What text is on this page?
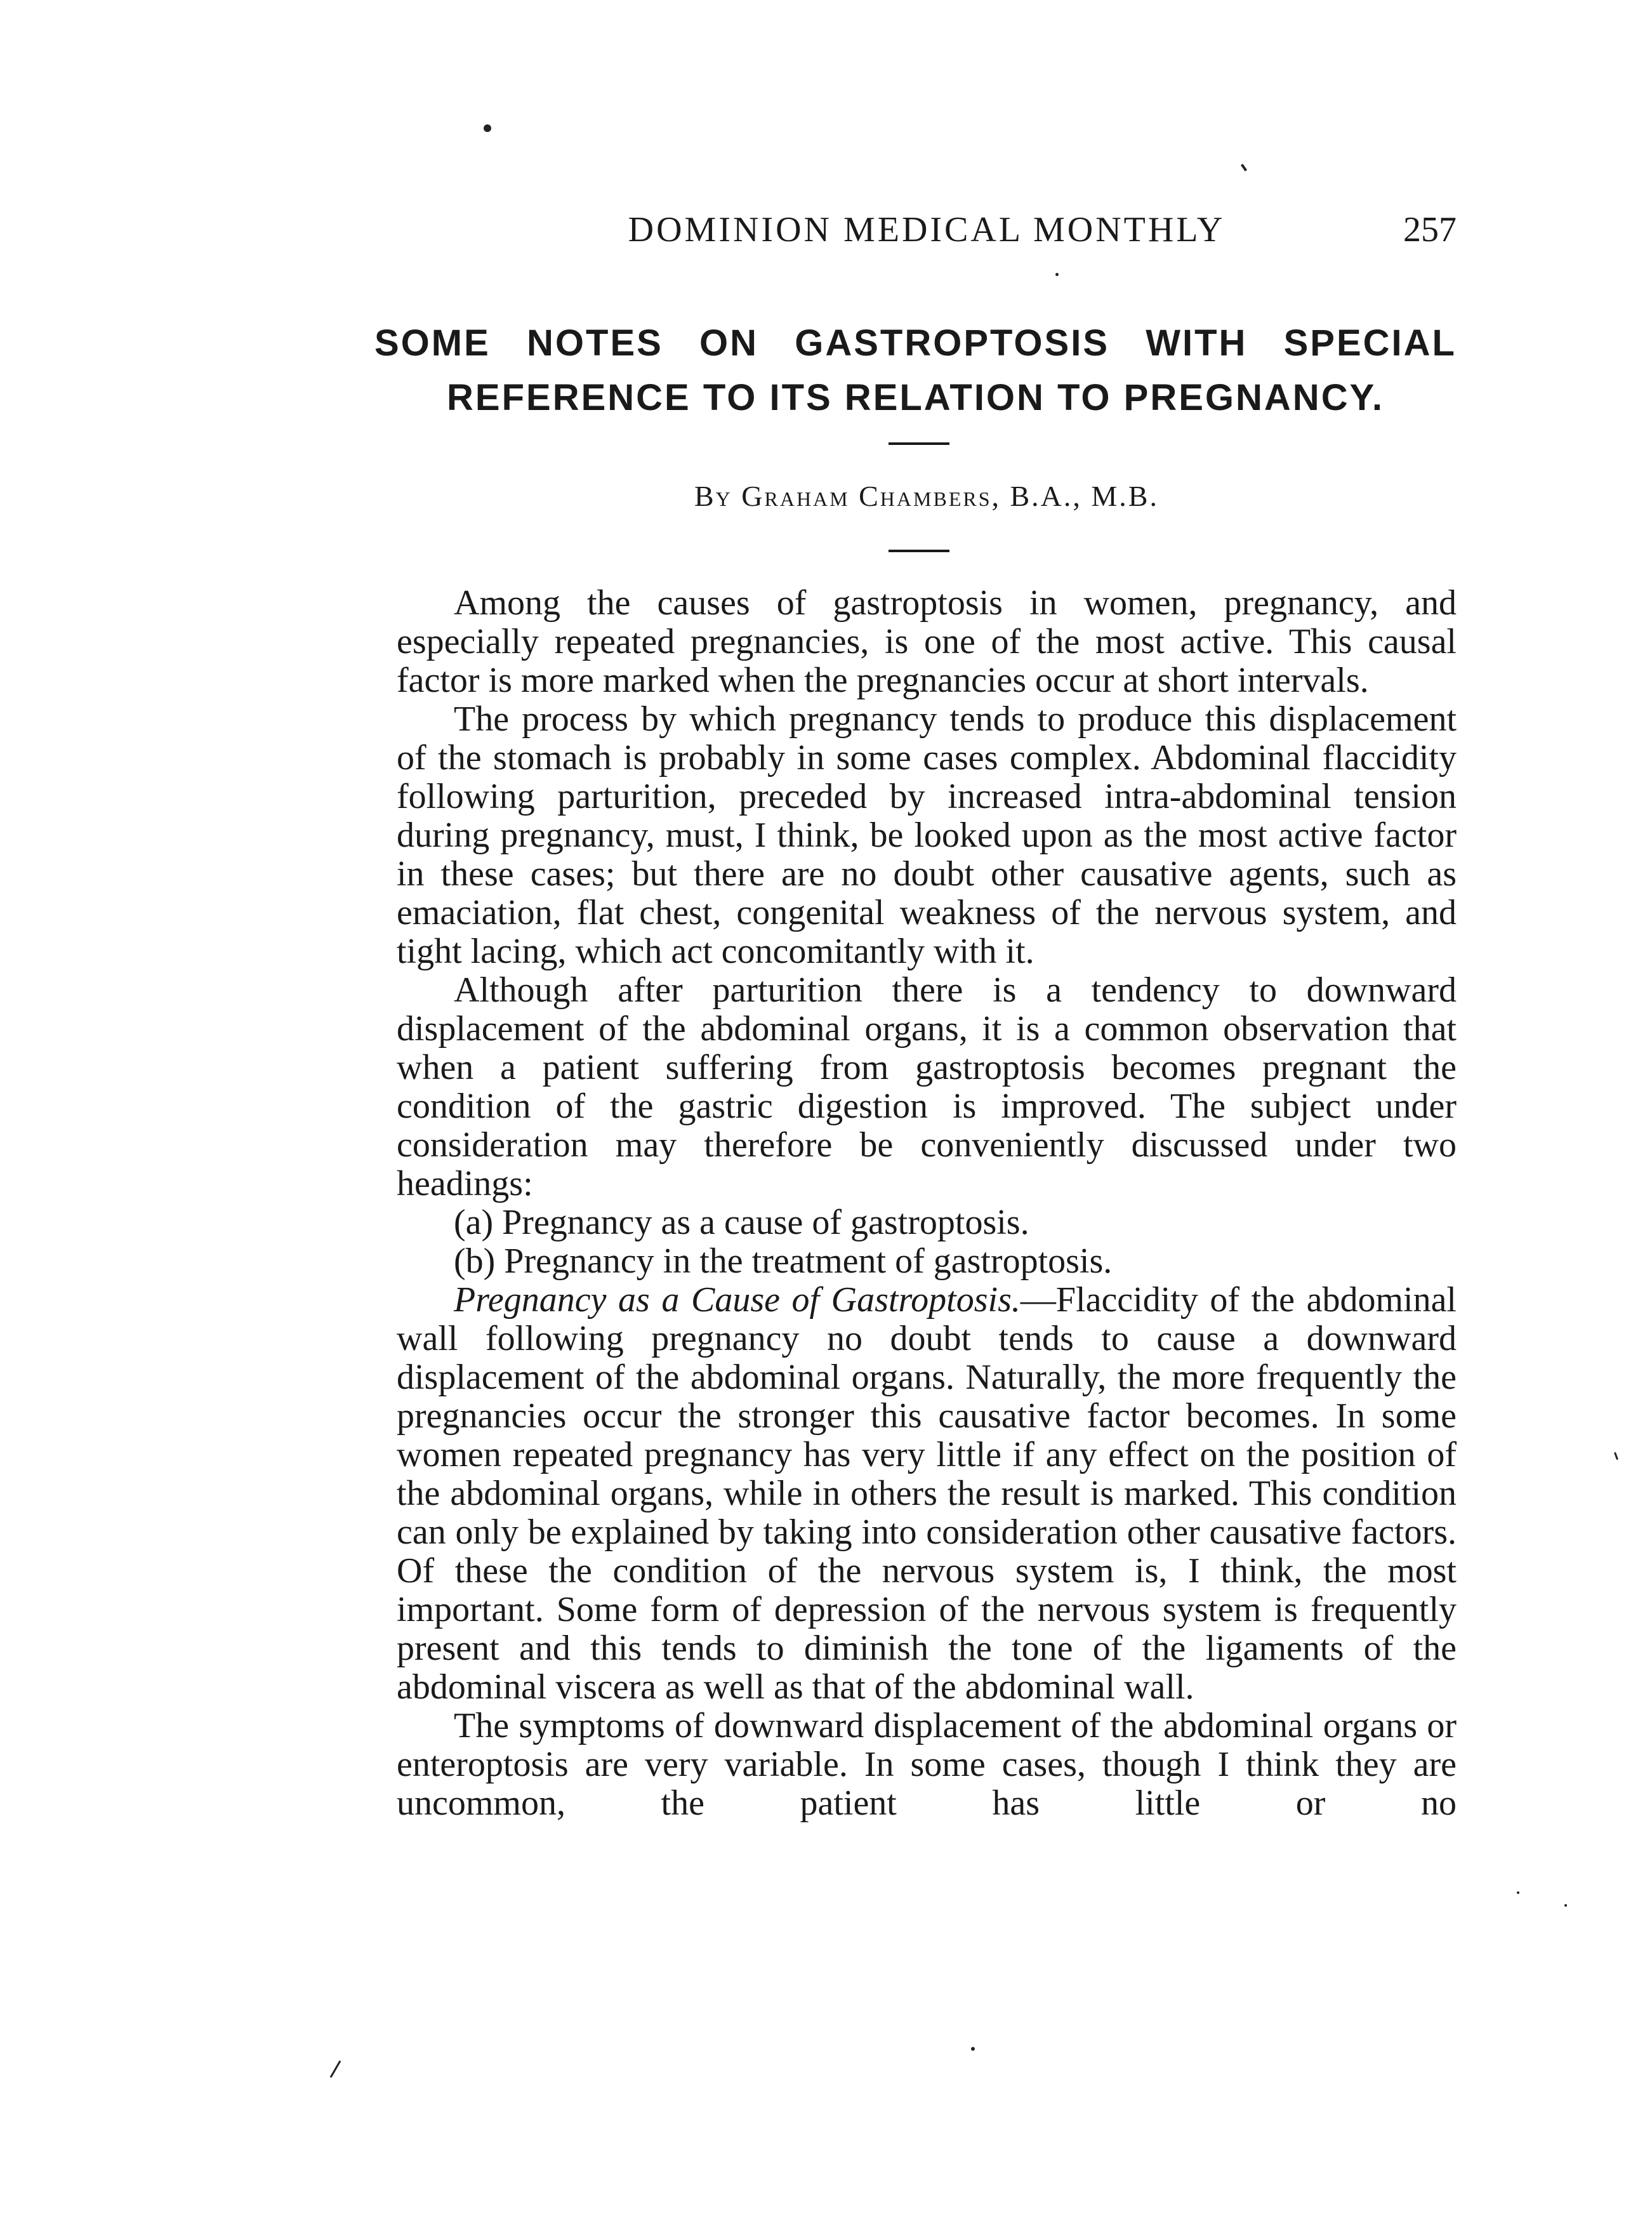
DOMINION MEDICAL MONTHLY	257
SOME NOTES ON GASTROPTOSIS WITH SPECIAL
REFERENCE TO ITS RELATION TO PREGNANCY.
By Graham Chambers, B.A., M.B.

Among the causes of gastroptosis in women, pregnancy, and especially repeated pregnancies, is one of the most active. This causal factor is more marked when the pregnancies occur at short intervals.

The process by which pregnancy tends to produce this displacement of the stomach is probably in some cases complex. Abdominal flaccidity following parturition, preceded by increased intra-abdominal tension during pregnancy, must, I think, be looked upon as the most active factor in these cases; but there are no doubt other causative agents, such as emaciation, flat chest, congenital weakness of the nervous system, and tight lacing, which act concomitantly with it.

Although after parturition there is a tendency to downward displacement of the abdominal organs, it is a common observation that when a patient suffering from gastroptosis becomes pregnant the condition of the gastric digestion is improved. The subject under consideration may therefore be conveniently discussed under two headings:

(a) Pregnancy as a cause of gastroptosis.

(b) Pregnancy in the treatment of gastroptosis.

Pregnancy as a Cause of Gastroptosis.—Flaccidity of the abdominal wall following pregnancy no doubt tends to cause a downward displacement of the abdominal organs. Naturally, the more frequently the pregnancies occur the stronger this causative factor becomes. In some women repeated pregnancy has very little if any effect on the position of the abdominal organs, while in others the result is marked. This condition can only be explained by taking into consideration other causative factors. Of these the condition of the nervous system is, I think, the most important. Some form of depression of the nervous system is frequently present and this tends to diminish the tone of the ligaments of the abdominal viscera as well as that of the abdominal wall.

The symptoms of downward displacement of the abdominal organs or enteroptosis are very variable. In some cases, though I think they are uncommon, the patient has little or no
